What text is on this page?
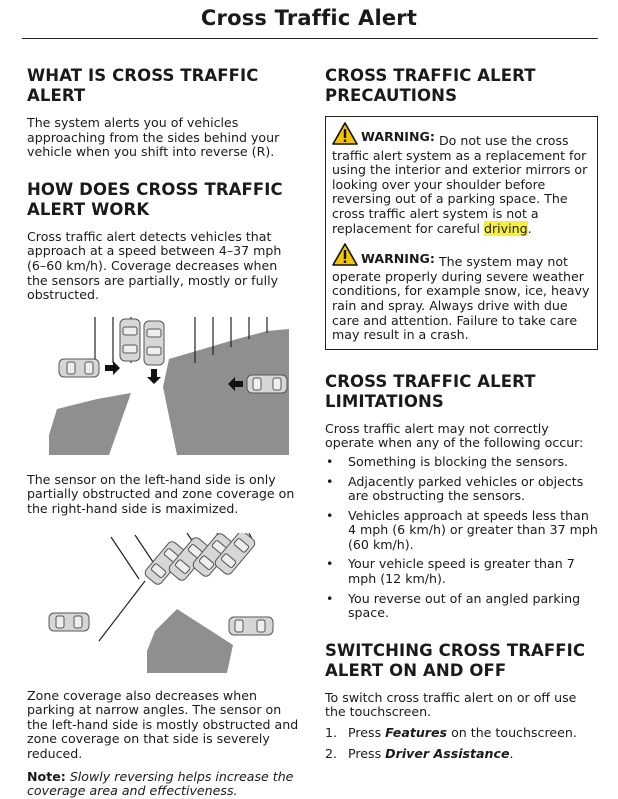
Cross Traffic Alert
WHAT IS CROSS TRAFFIC ALERT

The system alerts you of vehicles approaching from the sides behind your vehicle when you shift into reverse (R).

HOW DOES CROSS TRAFFIC ALERT WORK

Cross traffic alert detects vehicles that approach at a speed between 4–37 mph (6–60 km/h). Coverage decreases when the sensors are partially, mostly or fully obstructed.

The sensor on the left-hand side is only partially obstructed and zone coverage on the right-hand side is maximized.

Zone coverage also decreases when parking at narrow angles. The sensor on the left-hand side is mostly obstructed and zone coverage on that side is severely reduced.

Note: Slowly reversing helps increase the coverage area and effectiveness.

CROSS TRAFFIC ALERT PRECAUTIONS

WARNING: Do not use the cross traffic alert system as a replacement for using the interior and exterior mirrors or looking over your shoulder before reversing out of a parking space. The cross traffic alert system is not a replacement for careful driving.

WARNING: The system may not operate properly during severe weather conditions, for example snow, ice, heavy rain and spray. Always drive with due care and attention. Failure to take care may result in a crash.

CROSS TRAFFIC ALERT LIMITATIONS

Cross traffic alert may not correctly operate when any of the following occur:

• Something is blocking the sensors.
• Adjacently parked vehicles or objects are obstructing the sensors.
• Vehicles approach at speeds less than 4 mph (6 km/h) or greater than 37 mph (60 km/h).
• Your vehicle speed is greater than 7 mph (12 km/h).
• You reverse out of an angled parking space.
SWITCHING CROSS TRAFFIC ALERT ON AND OFF

To switch cross traffic alert on or off use the touchscreen.

1. Press Features on the touchscreen.
2. Press Driver Assistance.
